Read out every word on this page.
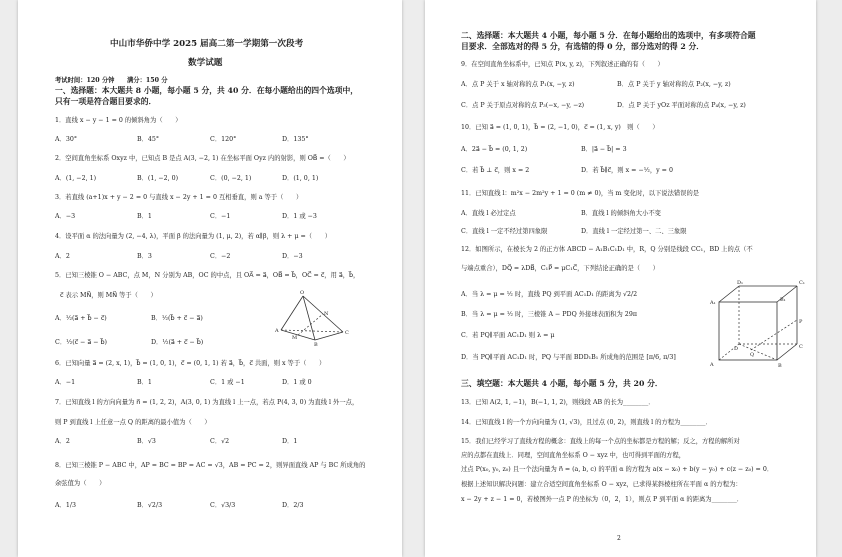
中山市华侨中学 2025 届高二第一学期第一次段考
数学试题
考试时间：120 分钟　　满分：150 分
一、选择题：本大题共 8 小题，每小题 5 分，共 40 分．在每小题给出的四个选项中，
只有一项是符合题目要求的．
1．直线 x − y − 1 = 0 的倾斜角为（　　）
A．30°	B．45°	C．120°	D．135°
2．空间直角坐标系 Oxyz 中，已知点 B 是点 A(3, −2, 1) 在坐标平面 Oyz 内的射影，则 OB⃗ =（　　）
A．(1, −2, 1)	B．(1, −2, 0)	C．(0, −2, 1)	D．(1, 0, 1)
3．若直线 (a+1)x + y − 2 = 0 与直线 x − 2y + 1 = 0 互相垂直，则 a 等于（　　）
A．−3	B．1	C．−1	D．1 或 −3
4．设平面 α 的法向量为 (2, −4, λ)，平面 β 的法向量为 (1, μ, 2)，若 α∥β，则 λ + μ =（　　）
A．2	B．3	C．−2	D．−3
5．已知三棱锥 O − ABC，点 M，N 分别为 AB，OC 的中点，且 OA⃗ = a⃗，OB⃗ = b⃗，OC⃗ = c⃗，用 a⃗，b⃗，
c⃗ 表示 MN⃗，则 MN⃗ 等于（　　）
A．½(a⃗ + b⃗ − c⃗)	B．½(b⃗ + c⃗ − a⃗)
C．½(c⃗ − a⃗ − b⃗)	D．½(a⃗ + c⃗ − b⃗)
O
A
B
C
M
N
6．已知向量 a⃗ = (2, x, 1)，b⃗ = (1, 0, 1)，c⃗ = (0, 1, 1) 若 a⃗，b⃗，c⃗ 共面，则 x 等于（　　）
A．−1	B．1	C．1 或 −1	D．1 或 0
7．已知直线 l 的方向向量为 n⃗ = (1, 2, 2)，A(3, 0, 1) 为直线 l 上一点，若点 P(4, 3, 0) 为直线 l 外一点，
则 P 到直线 l 上任意一点 Q 的距离的最小值为（　　）
A．2	B．√3	C．√2	D．1
8．已知三棱锥 P − ABC 中，AP = BC = BP = AC = √3，AB = PC = 2，则异面直线 AP 与 BC 所成角的
余弦值为（　　）
A．1/3	B．√2/3	C．√3/3	D．2/3
二、选择题：本大题共 4 小题，每小题 5 分．在每小题给出的选项中，有多项符合题
目要求．全部选对的得 5 分，有选错的得 0 分，部分选对的得 2 分．
9．在空间直角坐标系中，已知点 P(x, y, z)，下列叙述正确的有（　　）
A．点 P 关于 x 轴对称的点 P₁(x, −y, z)	B．点 P 关于 y 轴对称的点 P₂(x, −y, z)
C．点 P 关于原点对称的点 P₃(−x, −y, −z)	D．点 P 关于 yOz 平面对称的点 P₄(x, −y, z)
10．已知 a⃗ = (1, 0, 1)，b⃗ = (2, −1, 0)，c⃗ = (1, x, y)　则（　　）
A．2a⃗ − b⃗ = (0, 1, 2)	B．|a⃗ − b⃗| = 3
C．若 b⃗ ⊥ c⃗，则 x = 2	D．若 b⃗∥c⃗，则 x = −½，y = 0
11．已知直线 l：m²x − 2m²y + 1 = 0 (m ≠ 0)，当 m 变化时，以下说法错误的是
A．直线 l 必过定点	B．直线 l 的倾斜角大小不变
C．直线 l 一定不经过第四象限	D．直线 l 一定经过第一、二、三象限
12．如图所示，在棱长为 2 的正方体 ABCD − A₁B₁C₁D₁ 中，R，Q 分别是线段 CC₁，BD 上的点（不
与端点重合），DQ⃗ = λDB⃗，C₁P⃗ = μC₁C⃗，下列结论正确的是（　　）
A．当 λ = μ = ½ 时，直线 PQ 到平面 AC₁D₁ 的距离为 √2/2
B．当 λ = μ = ½ 时，三棱锥 A − PDQ 外接球表面积为 29π
C．若 PQ∥平面 AC₁D₁ 则 λ = μ
D．当 PQ∥平面 AC₁D₁ 时，PQ 与平面 BDD₁B₁ 所成角的范围是 [π/6, π/3]
D₁	C₁
A₁	B₁
P
D	C
A	B
Q
三、填空题：本大题共 4 小题，每小题 5 分，共 20 分．
13．已知 A(2, 1, −1)，B(−1, 1, 2)，则线段 AB 的长为________．
14．已知直线 l 的一个方向向量为 (1, √3)，且过点 (0, 2)，则直线 l 的方程为________．
15．我们已经学习了直线方程的概念：直线上的每一个点的坐标都是方程的解；反之，方程的解所对
应的点都在直线上．同理，空间直角坐标系 O − xyz 中，也可得到平面的方程，
过点 P(x₀, y₀, z₀) 且一个法向量为 n⃗ = (a, b, c) 的平面 α 的方程为 a(x − x₀) + b(y − y₀) + c(z − z₀) = 0．
根据上述知识解决问题：建立合适空间直角坐标系 O − xyz，已求得某斜棱柱所在平面 α 的方程为：
x − 2y + z − 1 = 0，若棱图外一点 P 的坐标为（0，2，1），则点 P 到平面 α 的距离为________．
2
